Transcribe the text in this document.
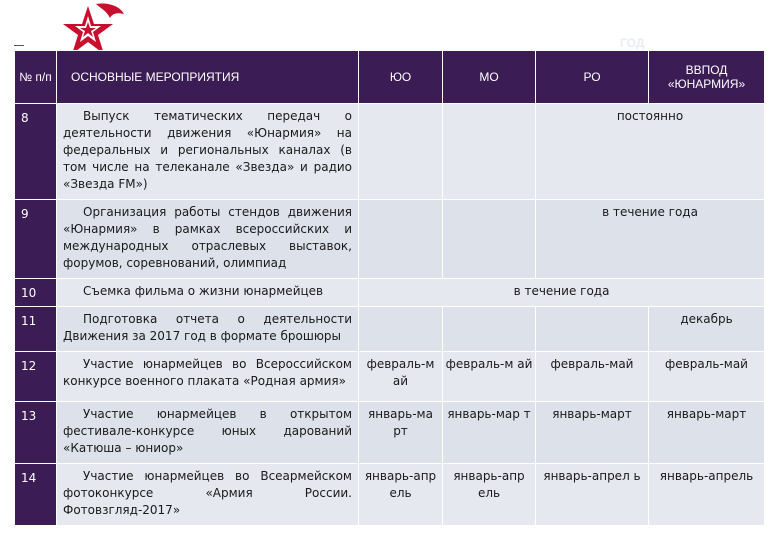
ГОД
№ п/п	ОСНОВНЫЕ МЕРОПРИЯТИЯ	ЮО	МО	РО	ВВПОД «ЮНАРМИЯ»
8	Выпуск тематических передач о деятельности движения «Юнармия» на федеральных и региональных каналах (в том числе на телеканале «Звезда» и радио «Звезда FM»)			постоянно	
9	Организация работы стендов движения «Юнармия» в рамках всероссийских и международных отраслевых выставок, форумов, соревнований, олимпиад			в течение года	
10	Съемка фильма о жизни юнармейцев	в течение года			
11	Подготовка отчета о деятельности Движения за 2017 год в формате брошюры				декабрь
12	Участие юнармейцев во Всероссийском конкурсе военного плаката «Родная армия»	февраль-м ай	февраль-м ай	февраль-май	февраль-май
13	Участие юнармейцев в открытом фестивале-конкурсе юных дарований «Катюша – юниор»	январь-ма рт	январь-мар т	январь-март	январь-март
14	Участие юнармейцев во Всеармейском фотоконкурсе «Армия России. Фотовзгляд-2017»	январь-апр ель	январь-апр ель	январь-апрел ь	январь-апрель
